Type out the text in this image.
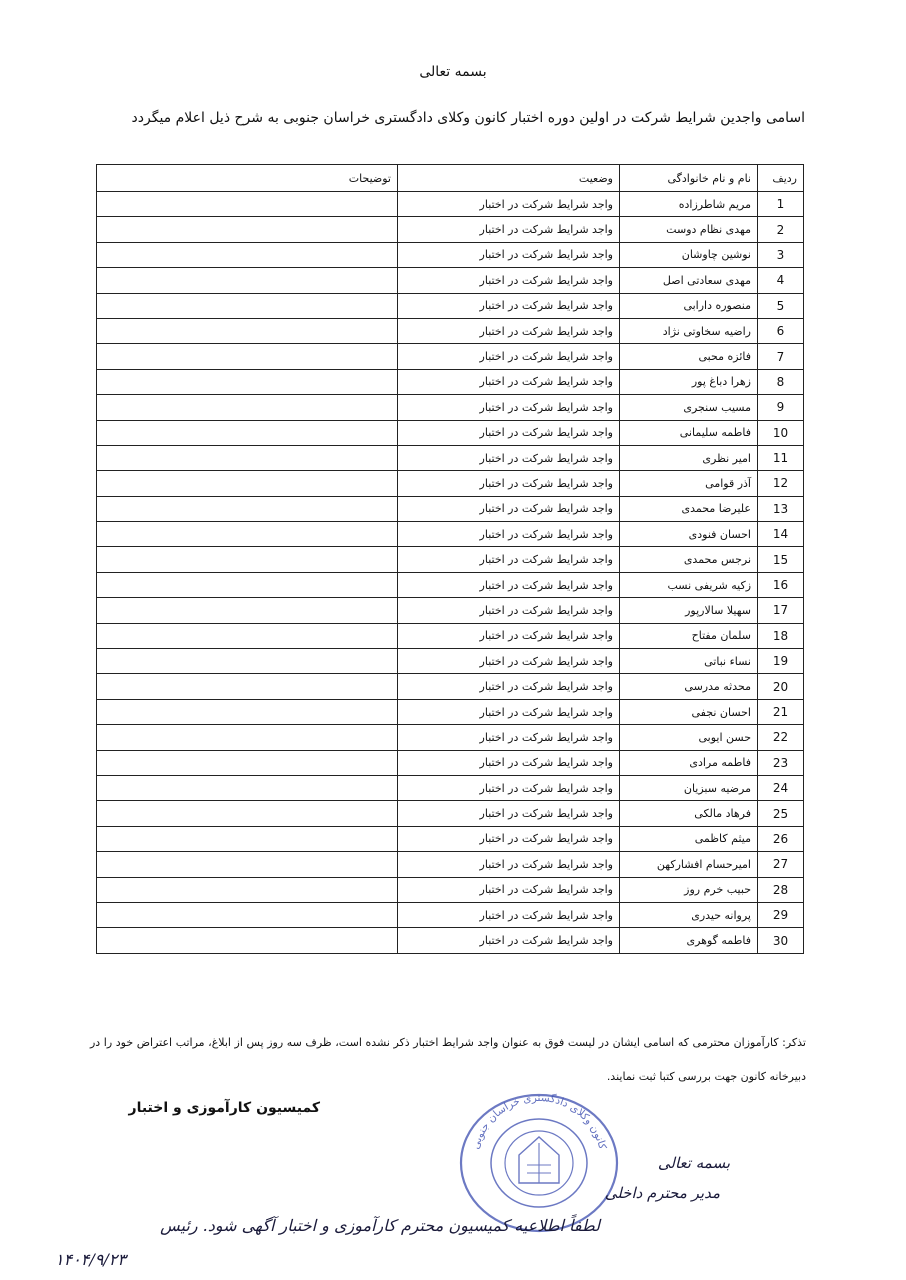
بسمه تعالی

اسامی واجدین شرایط شرکت در اولین دوره اختبار کانون وکلای دادگستری خراسان جنوبی به شرح ذیل اعلام میگردد

ردیف	نام و نام خانوادگی	وضعیت	توضیحات
1	مریم شاطرزاده	واجد شرایط شرکت در اختبار	
2	مهدی نظام دوست	واجد شرایط شرکت در اختبار	
3	نوشین چاوشان	واجد شرایط شرکت در اختبار	
4	مهدی سعادتی اصل	واجد شرایط شرکت در اختبار	
5	منصوره دارابی	واجد شرایط شرکت در اختبار	
6	راضیه سخاوتی نژاد	واجد شرایط شرکت در اختبار	
7	فائزه محبی	واجد شرایط شرکت در اختبار	
8	زهرا دباغ پور	واجد شرایط شرکت در اختبار	
9	مسیب سنجری	واجد شرایط شرکت در اختبار	
10	فاطمه سلیمانی	واجد شرایط شرکت در اختبار	
11	امیر نظری	واجد شرایط شرکت در اختبار	
12	آذر قوامی	واجد شرایط شرکت در اختبار	
13	علیرضا محمدی	واجد شرایط شرکت در اختبار	
14	احسان فنودی	واجد شرایط شرکت در اختبار	
15	نرجس محمدی	واجد شرایط شرکت در اختبار	
16	زکیه شریفی نسب	واجد شرایط شرکت در اختبار	
17	سهیلا سالارپور	واجد شرایط شرکت در اختبار	
18	سلمان مفتاح	واجد شرایط شرکت در اختبار	
19	نساء نباتی	واجد شرایط شرکت در اختبار	
20	محدثه مدرسی	واجد شرایط شرکت در اختبار	
21	احسان نجفی	واجد شرایط شرکت در اختبار	
22	حسن ایوبی	واجد شرایط شرکت در اختبار	
23	فاطمه مرادی	واجد شرایط شرکت در اختبار	
24	مرضیه سبزیان	واجد شرایط شرکت در اختبار	
25	فرهاد مالکی	واجد شرایط شرکت در اختبار	
26	میثم کاظمی	واجد شرایط شرکت در اختبار	
27	امیرحسام افشارکهن	واجد شرایط شرکت در اختبار	
28	حبیب خرم روز	واجد شرایط شرکت در اختبار	
29	پروانه حیدری	واجد شرایط شرکت در اختبار	
30	فاطمه گوهری	واجد شرایط شرکت در اختبار	

تذکر: کارآموزان محترمی که اسامی ایشان در لیست فوق به عنوان واجد شرایط اختبار ذکر نشده است، ظرف سه روز پس از ابلاغ، مراتب اعتراض خود را در دبیرخانه کانون جهت بررسی کتبا ثبت نمایند.

کمیسیون کارآموزی و اختبار
کانون وکلای دادگستری خراسان جنوبی
بسمه تعالی
مدیر محترم داخلی
لطفاً اطلاعیه کمیسیون محترم کارآموزی و اختبار آگهی شود. رئیس
۱۴۰۴/۹/۲۳
